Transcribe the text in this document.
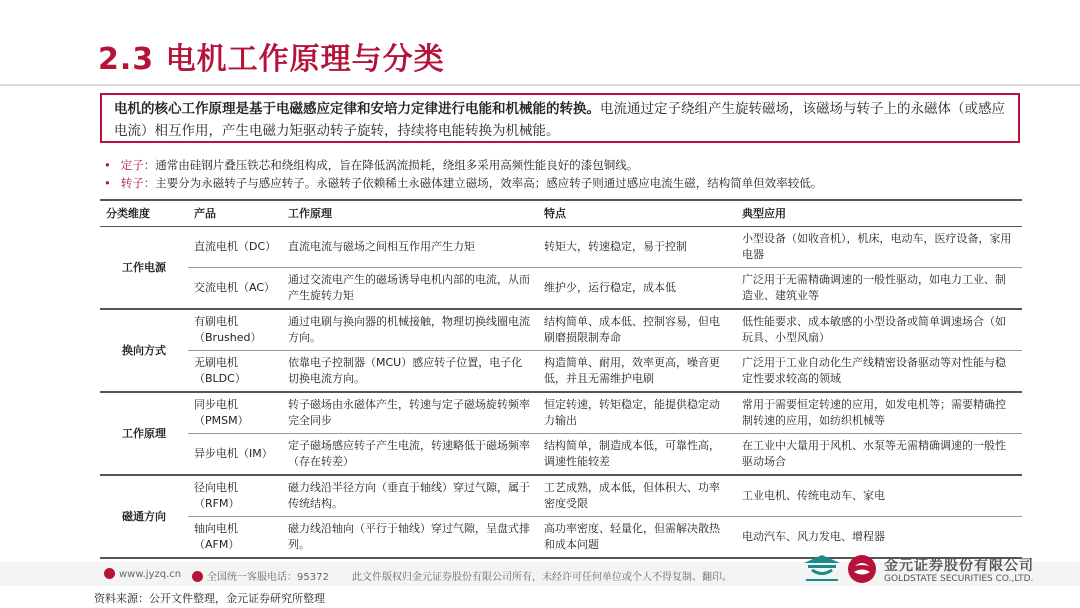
2.3 电机工作原理与分类
电机的核心工作原理是基于电磁感应定律和安培力定律进行电能和机械能的转换。电流通过定子绕组产生旋转磁场，该磁场与转子上的永磁体（或感应电流）相互作用，产生电磁力矩驱动转子旋转，持续将电能转换为机械能。
• 定子：通常由硅钢片叠压铁芯和绕组构成，旨在降低涡流损耗，绕组多采用高频性能良好的漆包铜线。
• 转子：主要分为永磁转子与感应转子。永磁转子依赖稀土永磁体建立磁场，效率高；感应转子则通过感应电流生磁，结构简单但效率较低。
分类维度	产品	工作原理	特点	典型应用
工作电源	直流电机（DC）	直流电流与磁场之间相互作用产生力矩	转矩大，转速稳定，易于控制	小型设备（如收音机），机床，电动车，医疗设备，家用电器
	交流电机（AC）	通过交流电产生的磁场诱导电机内部的电流，从而产生旋转力矩	维护少，运行稳定，成本低	广泛用于无需精确调速的一般性驱动，如电力工业、制造业、建筑业等
换向方式	有刷电机（Brushed）	通过电刷与换向器的机械接触，物理切换线圈电流方向。	结构简单、成本低、控制容易，但电刷磨损限制寿命	低性能要求、成本敏感的小型设备或简单调速场合（如玩具、小型风扇）
	无刷电机（BLDC）	依靠电子控制器（MCU）感应转子位置，电子化切换电流方向。	构造简单、耐用，效率更高，噪音更低，并且无需维护电刷	广泛用于工业自动化生产线精密设备驱动等对性能与稳定性要求较高的领域
工作原理	同步电机（PMSM）	转子磁场由永磁体产生，转速与定子磁场旋转频率完全同步	恒定转速，转矩稳定，能提供稳定动力输出	常用于需要恒定转速的应用，如发电机等；需要精确控制转速的应用，如纺织机械等
	异步电机（IM）	定子磁场感应转子产生电流，转速略低于磁场频率（存在转差）	结构简单，制造成本低，可靠性高，调速性能较差	在工业中大量用于风机、水泵等无需精确调速的一般性驱动场合
磁通方向	径向电机（RFM）	磁力线沿半径方向（垂直于轴线）穿过气隙，属于传统结构。	工艺成熟，成本低，但体积大、功率密度受限	工业电机、传统电动车、家电
	轴向电机（AFM）	磁力线沿轴向（平行于轴线）穿过气隙，呈盘式排列。	高功率密度、轻量化，但需解决散热和成本问题	电动汽车、风力发电、增程器
www.jyzq.cn	全国统一客服电话：95372 此文件版权归金元证券股份有限公司所有，未经许可任何单位或个人不得复制、翻印。
金元证券股份有限公司
GOLDSTATE SECURITIES CO.,LTD.
资料来源：公开文件整理，金元证券研究所整理
